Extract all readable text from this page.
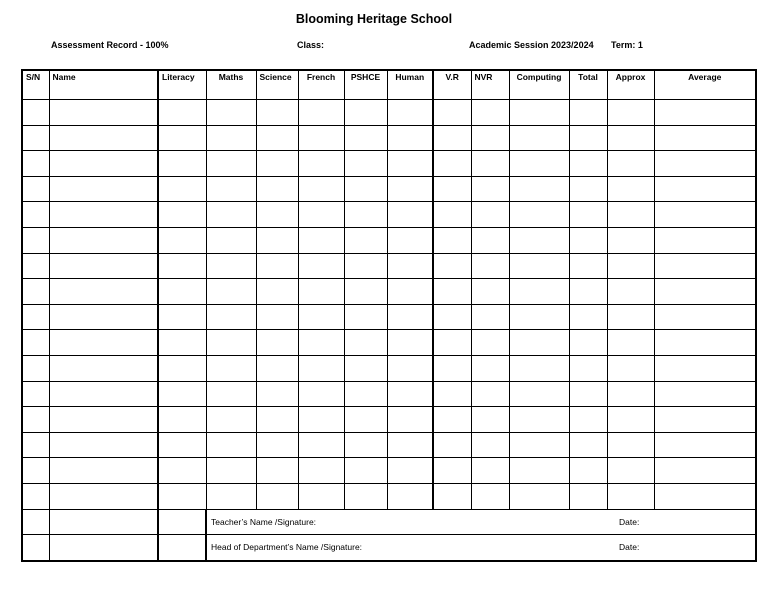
Blooming Heritage School
Assessment Record - 100%	Class:	Academic Session 2023/2024 Term: 1
S/N	Name	Literacy	Maths	Science	French	PSHCE	Human	V.R	NVR	Computing	Total	Approx	Average

			Teacher’s Name /Signature: Date:										

			Head of Department’s Name /Signature: Date:										
